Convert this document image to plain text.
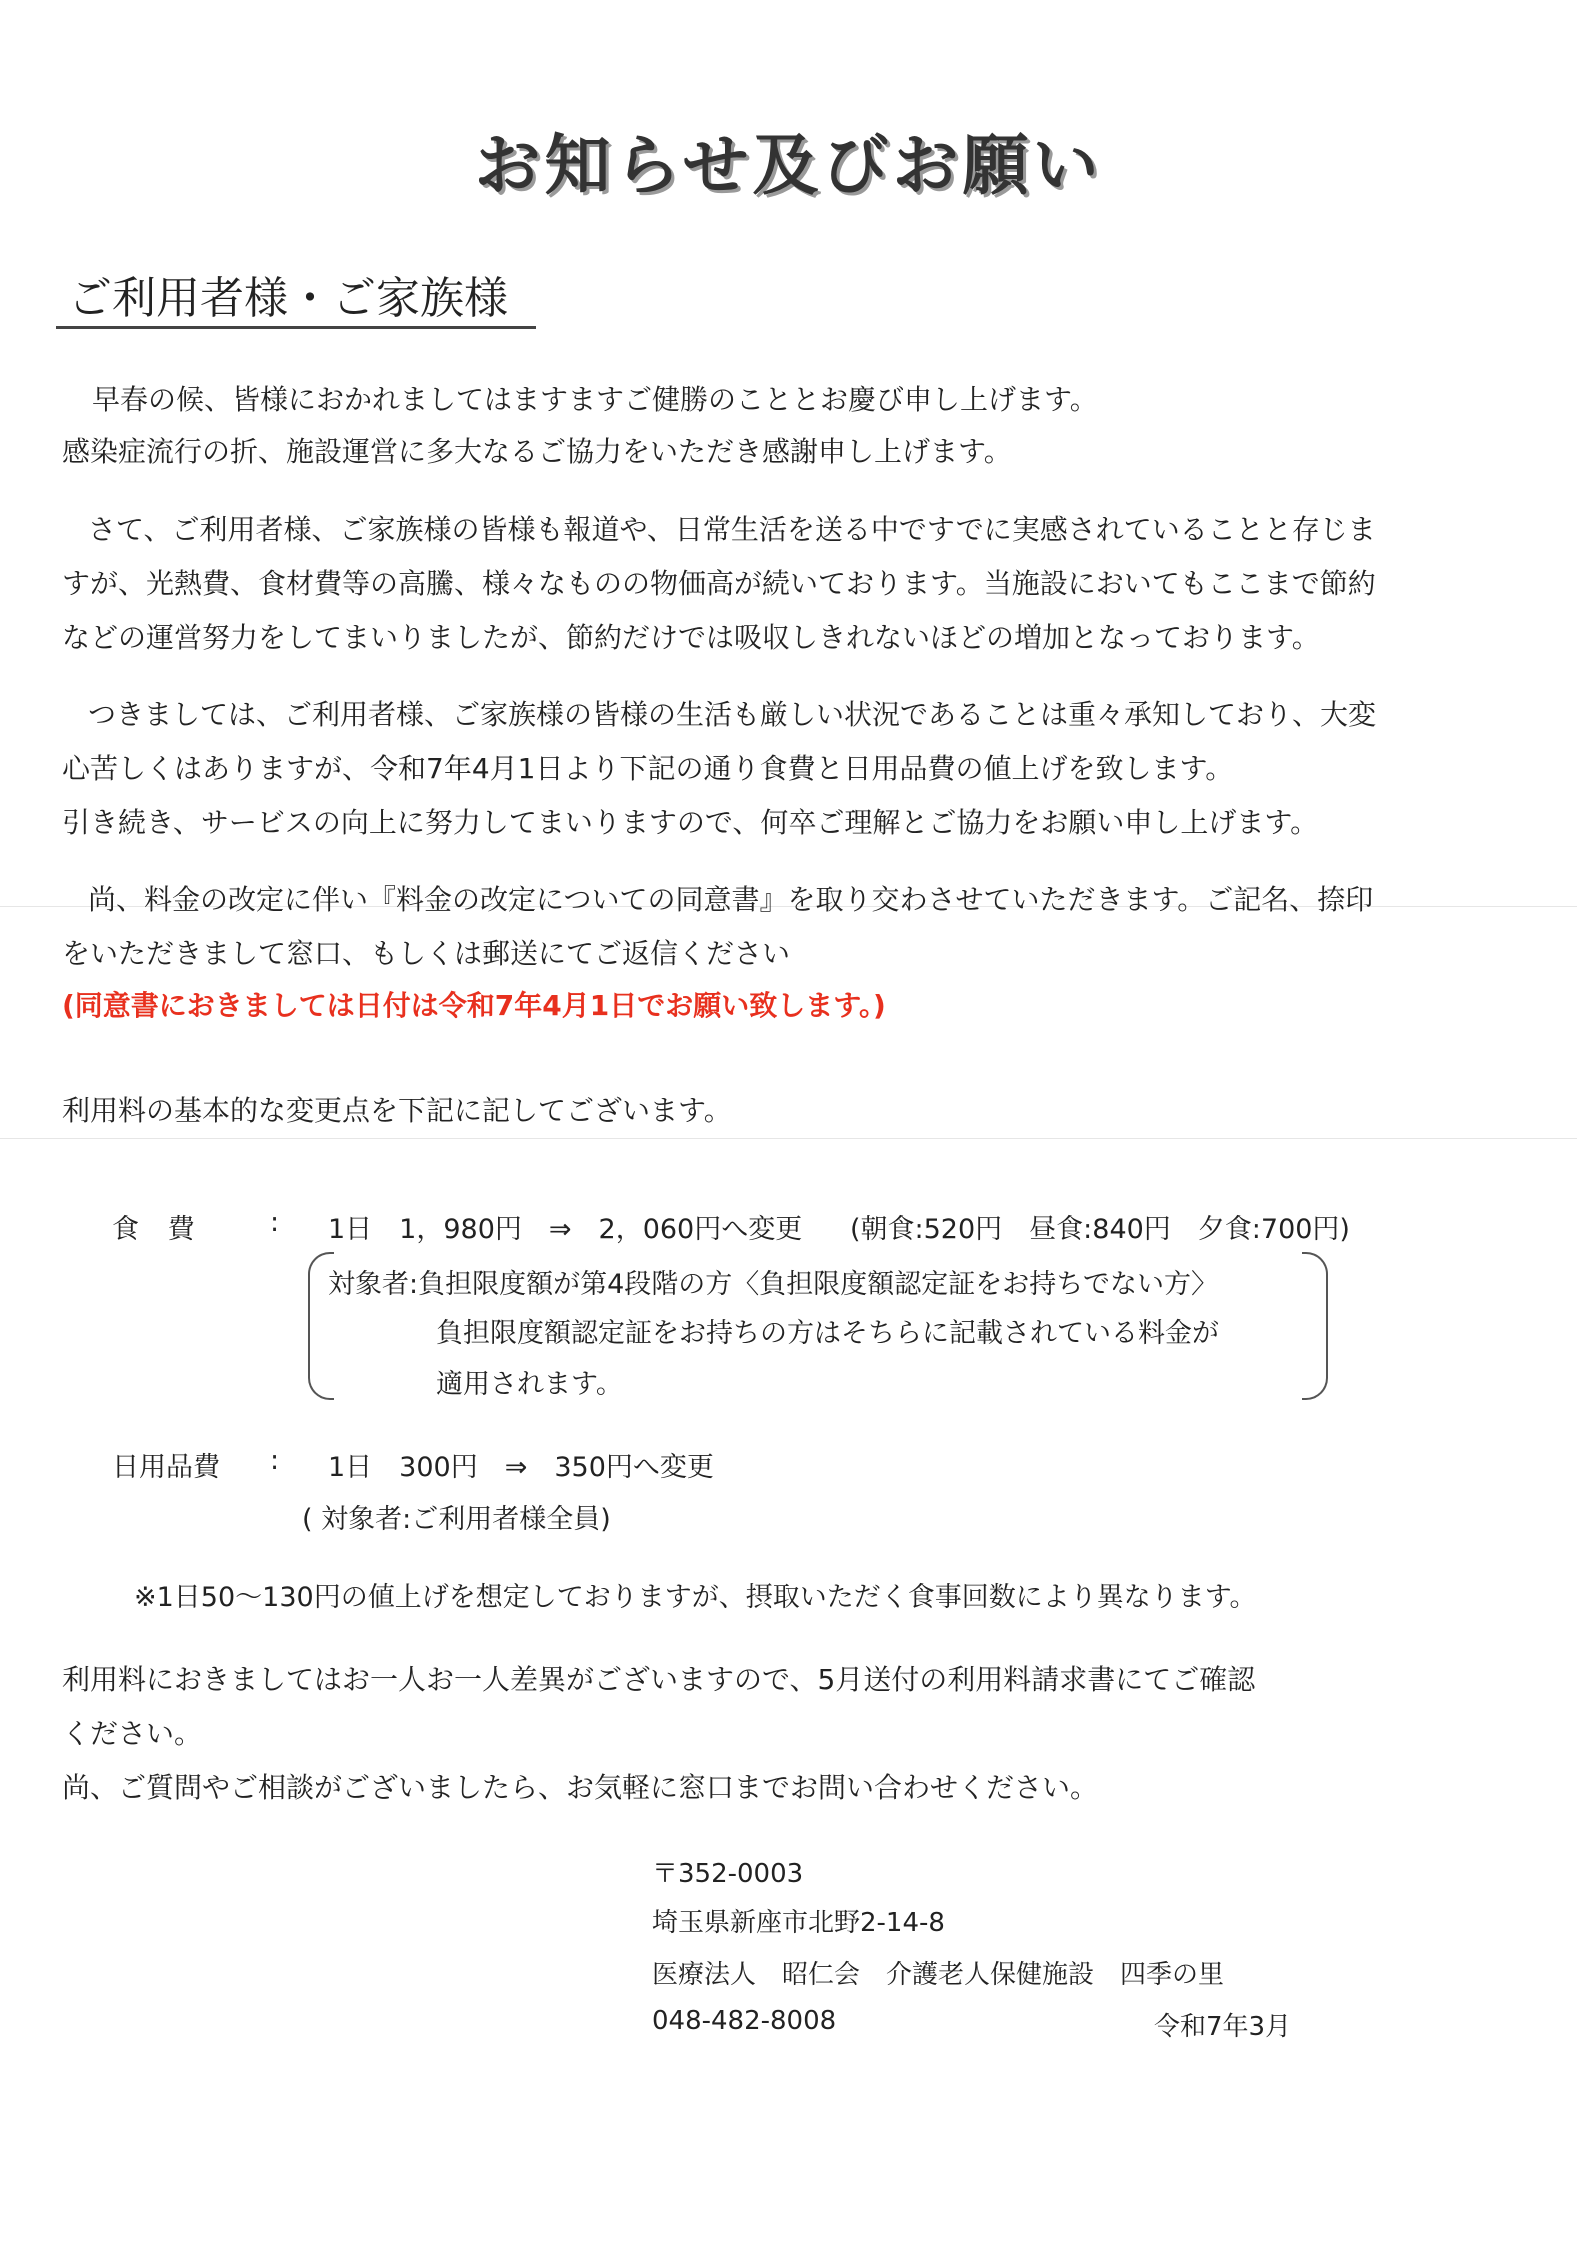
お知らせ及びお願い
ご利用者様・ご家族様
早春の候、皆様におかれましてはますますご健勝のこととお慶び申し上げます。
感染症流行の折、施設運営に多大なるご協力をいただき感謝申し上げます。
さて、ご利用者様、ご家族様の皆様も報道や、日常生活を送る中ですでに実感されていることと存じま
すが、光熱費、食材費等の高騰、様々なものの物価高が続いております。当施設においてもここまで節約
などの運営努力をしてまいりましたが、節約だけでは吸収しきれないほどの増加となっております。
つきましては、ご利用者様、ご家族様の皆様の生活も厳しい状況であることは重々承知しており、大変
心苦しくはありますが、令和7年4月1日より下記の通り食費と日用品費の値上げを致します。
引き続き、サービスの向上に努力してまいりますので、何卒ご理解とご協力をお願い申し上げます。
尚、料金の改定に伴い『料金の改定についての同意書』を取り交わさせていただきます。ご記名、捺印
をいただきまして窓口、もしくは郵送にてご返信ください
(同意書におきましては日付は令和7年4月1日でお願い致します。)
利用料の基本的な変更点を下記に記してございます。
食 費 : 1日　1，980円　⇒　2，060円へ変更 (朝食:520円　昼食:840円　夕食:700円)
対象者:負担限度額が第4段階の方〈負担限度額認定証をお持ちでない方〉
負担限度額認定証をお持ちの方はそちらに記載されている料金が
適用されます。
日用品費 : 1日　300円　⇒　350円へ変更
( 対象者:ご利用者様全員)
※1日50～130円の値上げを想定しておりますが、摂取いただく食事回数により異なります。
利用料におきましてはお一人お一人差異がございますので、5月送付の利用料請求書にてご確認
ください。
尚、ご質問やご相談がございましたら、お気軽に窓口までお問い合わせください。
〒352-0003
埼玉県新座市北野2-14-8
医療法人　昭仁会　介護老人保健施設　四季の里
048-482-8008	令和7年3月
